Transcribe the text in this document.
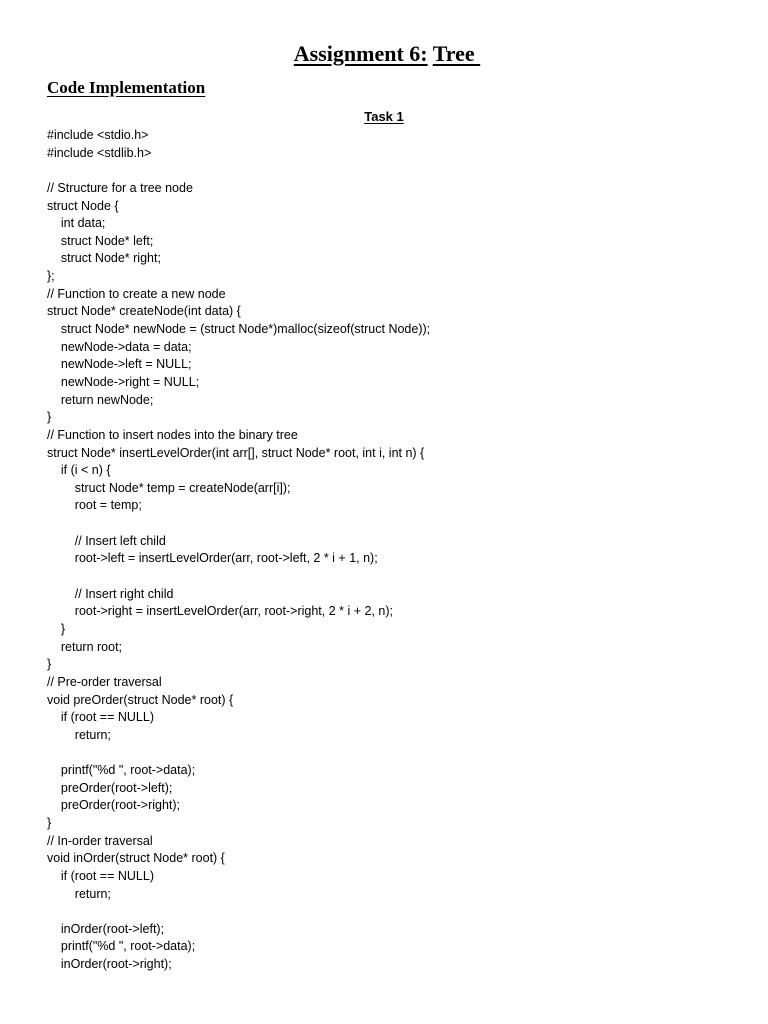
Assignment 6: Tree
Code Implementation
Task 1
#include <stdio.h>
#include <stdlib.h>
// Structure for a tree node
struct Node {
int data;
struct Node* left;
struct Node* right;
};
// Function to create a new node
struct Node* createNode(int data) {
struct Node* newNode = (struct Node*)malloc(sizeof(struct Node));
newNode->data = data;
newNode->left = NULL;
newNode->right = NULL;
return newNode;
}
// Function to insert nodes into the binary tree
struct Node* insertLevelOrder(int arr[], struct Node* root, int i, int n) {
if (i < n) {
struct Node* temp = createNode(arr[i]);
root = temp;
// Insert left child
root->left = insertLevelOrder(arr, root->left, 2 * i + 1, n);
// Insert right child
root->right = insertLevelOrder(arr, root->right, 2 * i + 2, n);
}
return root;
}
// Pre-order traversal
void preOrder(struct Node* root) {
if (root == NULL)
return;
printf("%d ", root->data);
preOrder(root->left);
preOrder(root->right);
}
// In-order traversal
void inOrder(struct Node* root) {
if (root == NULL)
return;
inOrder(root->left);
printf("%d ", root->data);
inOrder(root->right);
